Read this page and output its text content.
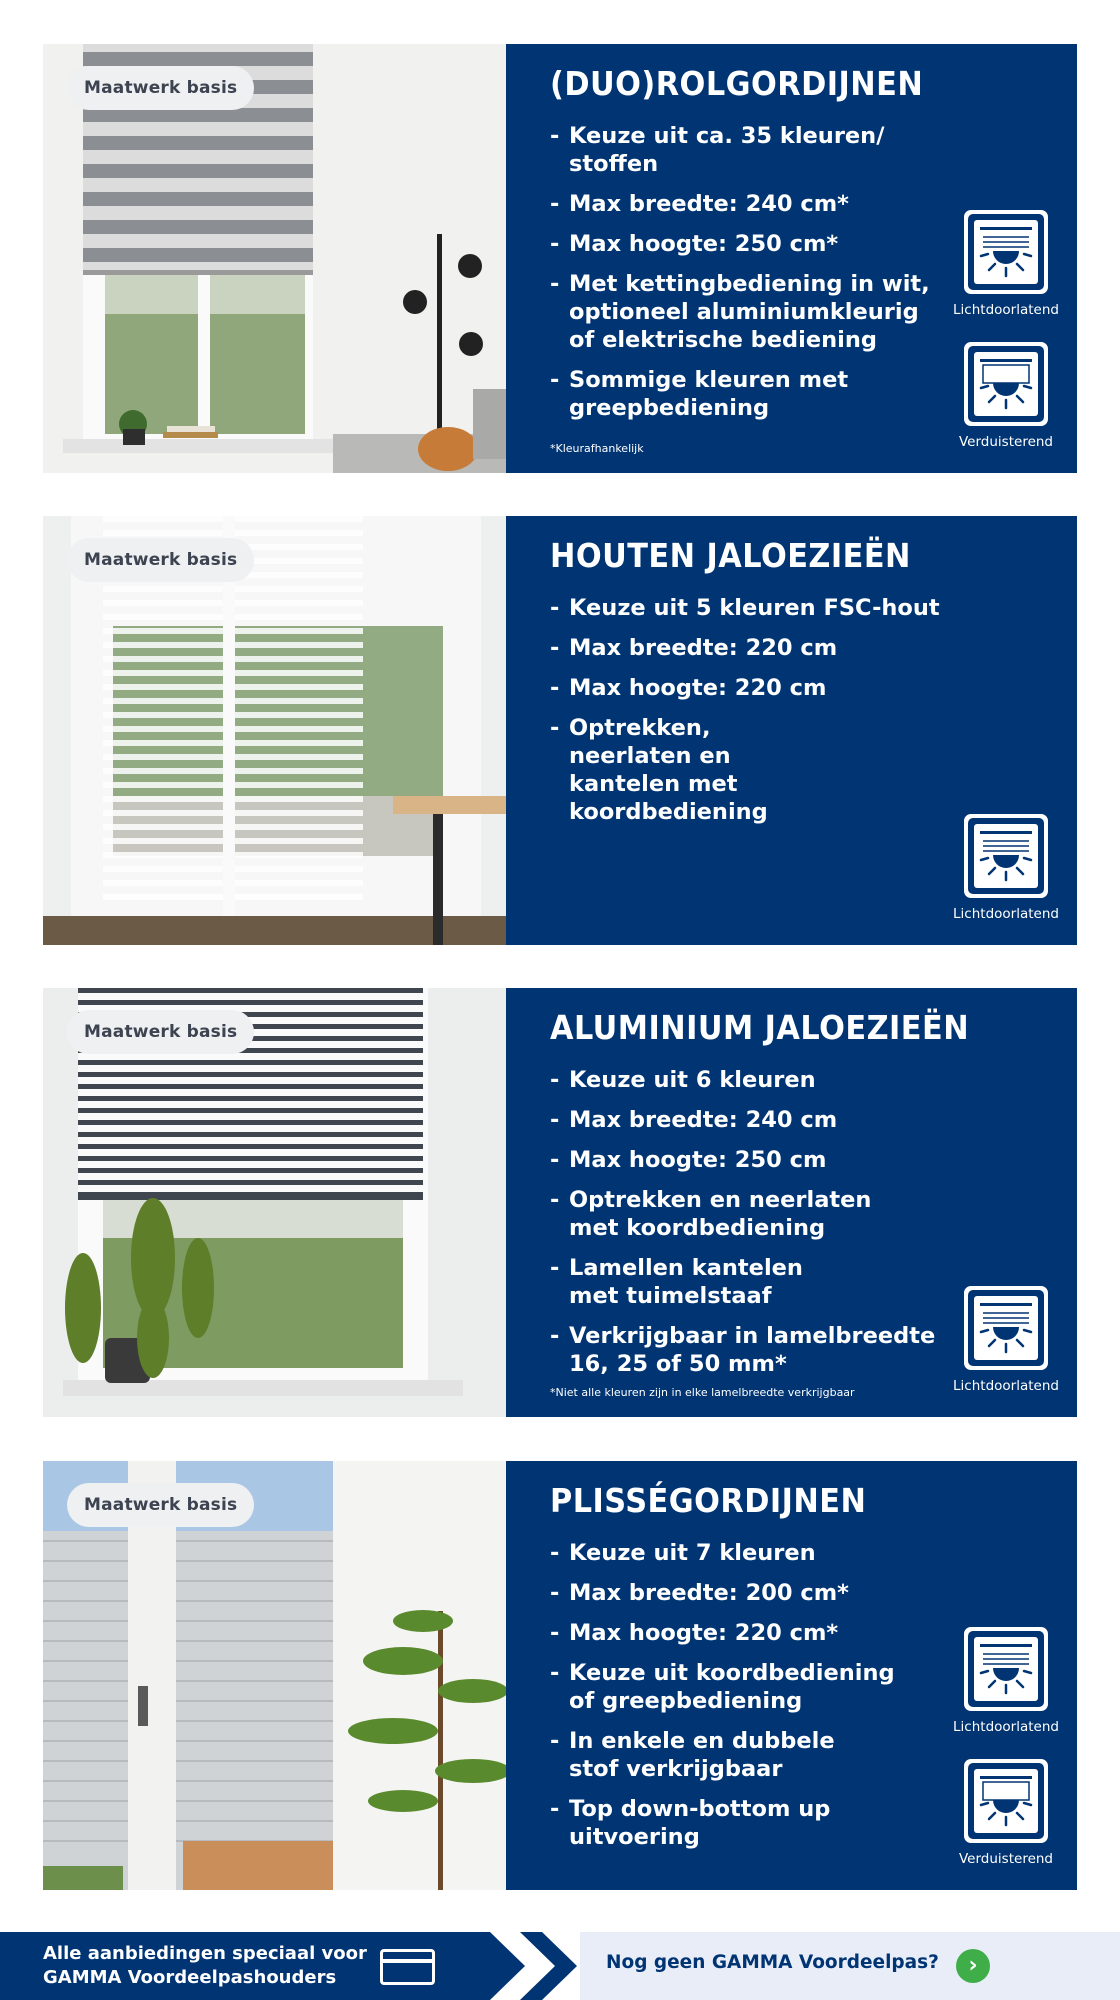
Maatwerk basis	(DUO)ROLGORDIJNEN
- Keuze uit ca. 35 kleuren/ stoffen
- Max breedte: 240 cm*
- Max hoogte: 250 cm*
- Met kettingbediening in wit, optioneel aluminiumkleurig of elektrische bediening
- Sommige kleuren met greepbediening
*Kleurafhankelijk
Lichtdoorlatend
Verduisterend
Maatwerk basis	HOUTEN JALOEZIEËN
- Keuze uit 5 kleuren FSC-hout
- Max breedte: 220 cm
- Max hoogte: 220 cm
- Optrekken, neerlaten en kantelen met koordbediening
Lichtdoorlatend
Maatwerk basis	ALUMINIUM JALOEZIEËN
- Keuze uit 6 kleuren
- Max breedte: 240 cm
- Max hoogte: 250 cm
- Optrekken en neerlaten met koordbediening
- Lamellen kantelen met tuimelstaaf
- Verkrijgbaar in lamelbreedte 16, 25 of 50 mm*
*Niet alle kleuren zijn in elke lamelbreedte verkrijgbaar	Lichtdoorlatend
Maatwerk basis	PLISSÉGORDIJNEN
- Keuze uit 7 kleuren
- Max breedte: 200 cm*
- Max hoogte: 220 cm*
- Keuze uit koordbediening of greepbediening
- In enkele en dubbele stof verkrijgbaar
- Top down-bottom up uitvoering
Lichtdoorlatend
Verduisterend
Alle aanbiedingen speciaal voor GAMMA Voordeelpashouders
Nog geen GAMMA Voordeelpas?	›
